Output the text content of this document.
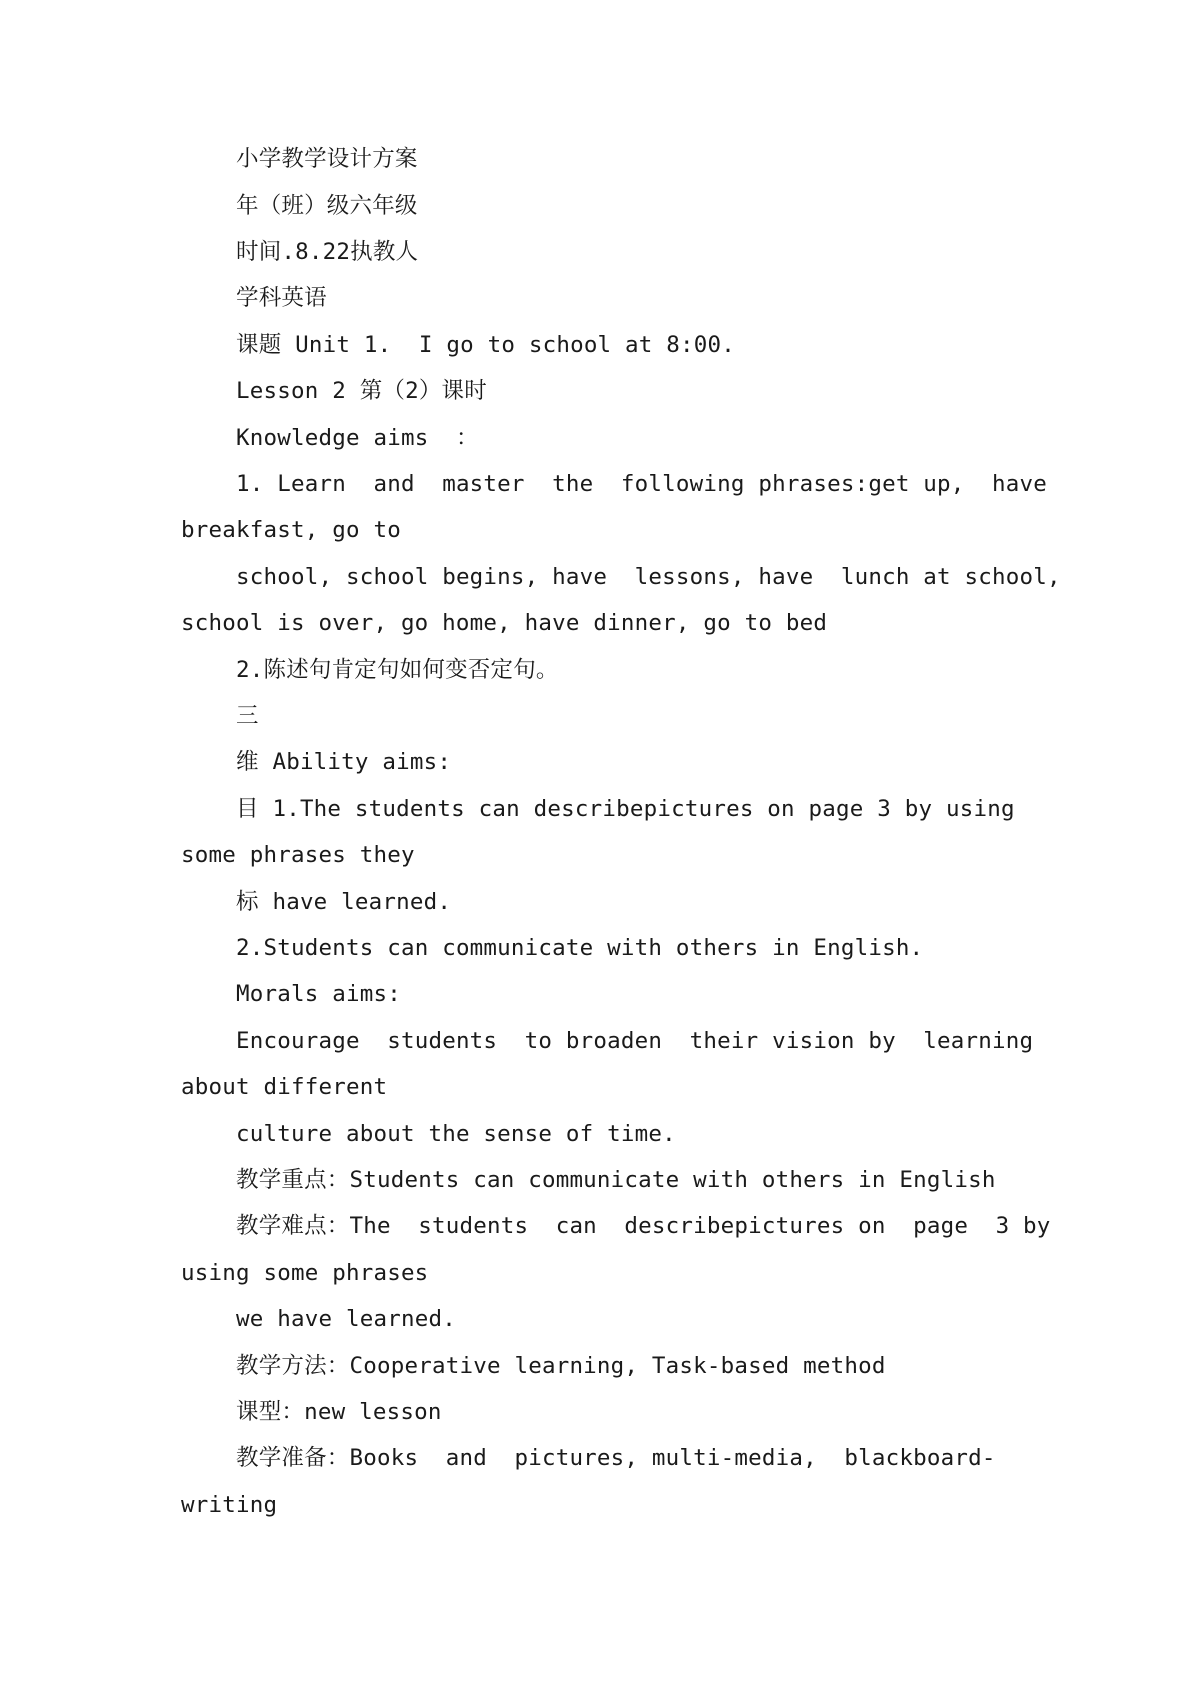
小学教学设计方案
年（班）级六年级
时间.8.22执教人
学科英语
课题 Unit 1.  I go to school at 8:00.
Lesson 2 第（2）课时
Knowledge aims  ：
1. Learn  and  master  the  following phrases:get up,  have
breakfast, go to
school, school begins, have  lessons, have  lunch at school,
school is over, go home, have dinner, go to bed
2.陈述句肯定句如何变否定句。
三
维 Ability aims:
目 1.The students can describepictures on page 3 by using
some phrases they
标 have learned.
2.Students can communicate with others in English.
Morals aims:
Encourage  students  to broaden  their vision by  learning
about different
culture about the sense of time.
教学重点：Students can communicate with others in English
教学难点：The  students  can  describepictures on  page  3 by
using some phrases
we have learned.
教学方法：Cooperative learning, Task-based method
课型：new lesson
教学准备：Books  and  pictures, multi-media,  blackboard-
writing
